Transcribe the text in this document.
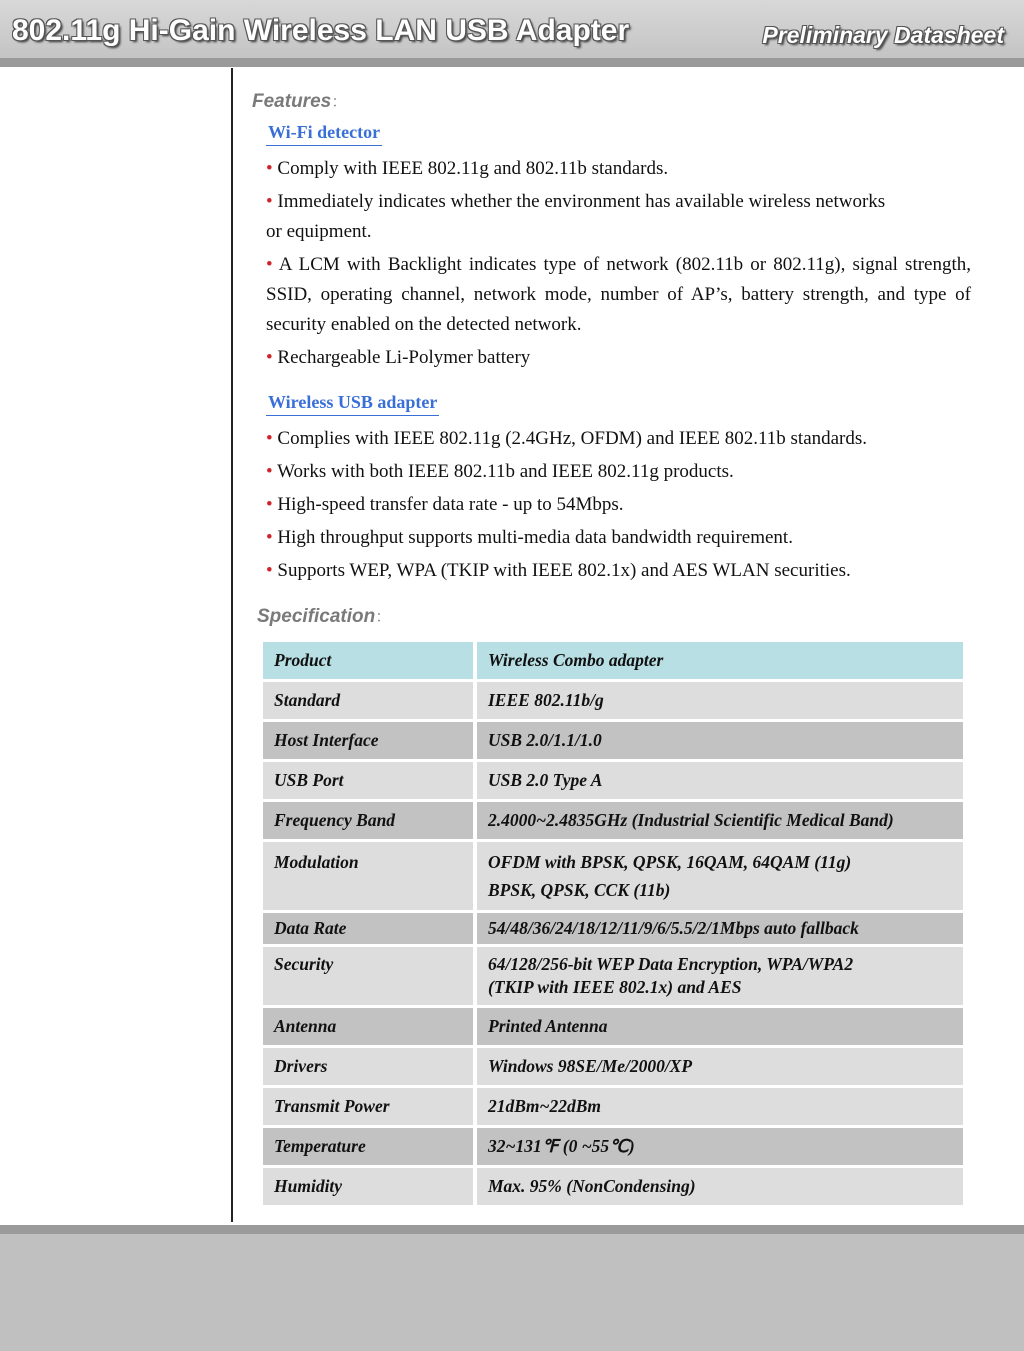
802.11g Hi-Gain Wireless LAN USB Adapter	Preliminary Datasheet
Features：
Wi-Fi detector

• Comply with IEEE 802.11g and 802.11b standards.

• Immediately indicates whether the environment has available wireless networks or equipment.

• A LCM with Backlight indicates type of network (802.11b or 802.11g), signal strength, SSID, operating channel, network mode, number of AP’s, battery strength, and type of security enabled on the detected network.

• Rechargeable Li-Polymer battery

Wireless USB adapter

• Complies with IEEE 802.11g (2.4GHz, OFDM) and IEEE 802.11b standards.

• Works with both IEEE 802.11b and IEEE 802.11g products.

• High-speed transfer data rate - up to 54Mbps.

• High throughput supports multi-media data bandwidth requirement.

• Supports WEP, WPA (TKIP with IEEE 802.1x) and AES WLAN securities.

Specification：
Product	Wireless Combo adapter
Standard	IEEE 802.11b/g
Host Interface	USB 2.0/1.1/1.0
USB Port	USB 2.0 Type A
Frequency Band	2.4000~2.4835GHz (Industrial Scientific Medical Band)
Modulation	OFDM with BPSK, QPSK, 16QAM, 64QAM (11g)
BPSK, QPSK, CCK (11b)

Data Rate	54/48/36/24/18/12/11/9/6/5.5/2/1Mbps auto fallback
Security	64/128/256-bit WEP Data Encryption, WPA/WPA2
(TKIP with IEEE 802.1x) and AES

Antenna	Printed Antenna
Drivers	Windows 98SE/Me/2000/XP
Transmit Power	21dBm~22dBm
Temperature	32~131℉ (0 ~55℃)
Humidity	Max. 95% (NonCondensing)
